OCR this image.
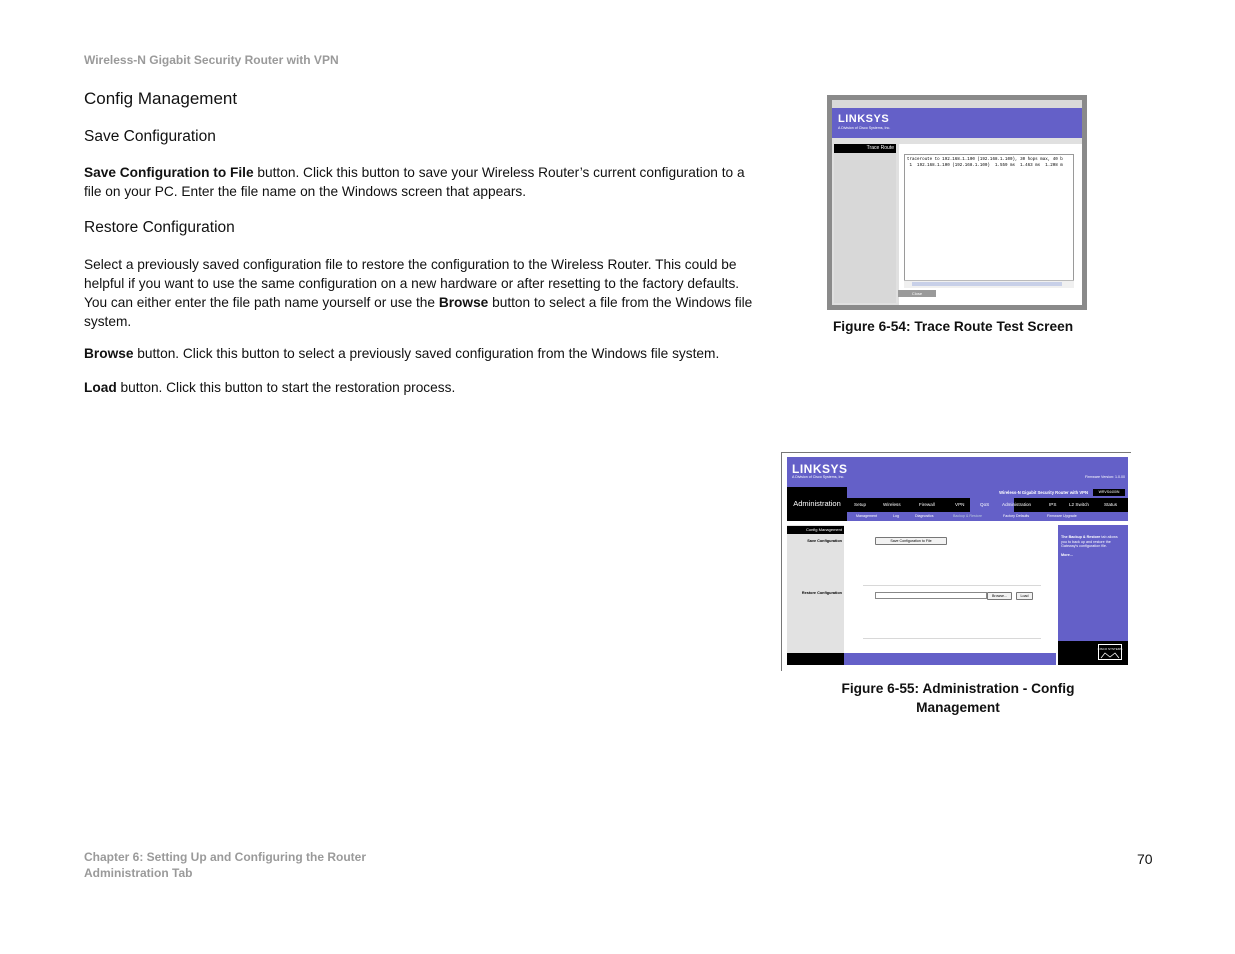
Wireless-N Gigabit Security Router with VPN
Config Management
Save Configuration
Save Configuration to File button. Click this button to save your Wireless Router’s current configuration to a file on your PC. Enter the file name on the Windows screen that appears.
Restore Configuration
Select a previously saved configuration file to restore the configuration to the Wireless Router. This could be helpful if you want to use the same configuration on a new hardware or after resetting to the factory defaults. You can either enter the file path name yourself or use the Browse button to select a file from the Windows file system.
Browse button. Click this button to select a previously saved configuration from the Windows file system.
Load button. Click this button to start the restoration process.
LINKSYS
A Division of Cisco Systems, Inc.
Trace Route
traceroute to 192.168.1.100 (192.168.1.100), 30 hops max, 40 b
1  192.168.1.100 (192.168.1.100)  1.559 ms  1.463 ms  1.208 m
Close
Figure 6-54: Trace Route Test Screen
LINKSYS
A Division of Cisco Systems, Inc.	Firmware Version: 1.0.00
Administration
Wireless-N Gigabit Security Router with VPN	WRVS4400N
Setup	Wireless	Firewall	VPN	QoS	Administration	IPS	L2 Switch	Status
Management	Log	Diagnostics	Backup & Restore	Factory Defaults	Firmware Upgrade
Save Configuration
Restore Configuration
Config Management
Save Configuration to File
Browse...	Load
The Backup & Restore tab allows you to back up and restore the Gateway's configuration file.

More...
CISCO SYSTEMS
Figure 6-55: Administration - Config
Management
Chapter 6: Setting Up and Configuring the Router
Administration Tab
70
